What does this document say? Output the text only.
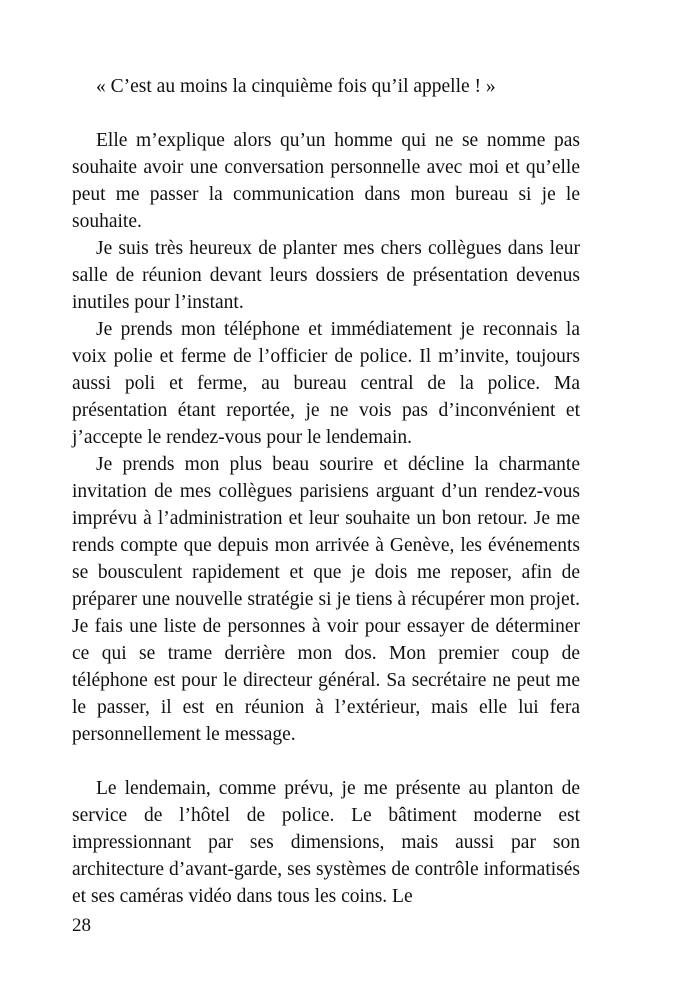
« C’est au moins la cinquième fois qu’il appelle ! »

Elle m’explique alors qu’un homme qui ne se nomme pas souhaite avoir une conversation personnelle avec moi et qu’elle peut me passer la communication dans mon bureau si je le souhaite.

Je suis très heureux de planter mes chers collègues dans leur salle de réunion devant leurs dossiers de présentation devenus inutiles pour l’instant.

Je prends mon téléphone et immédiatement je reconnais la voix polie et ferme de l’officier de police. Il m’invite, toujours aussi poli et ferme, au bureau central de la police. Ma présentation étant reportée, je ne vois pas d’inconvénient et j’accepte le rendez-vous pour le lendemain.

Je prends mon plus beau sourire et décline la charmante invitation de mes collègues parisiens arguant d’un rendez-vous imprévu à l’administration et leur souhaite un bon retour. Je me rends compte que depuis mon arrivée à Genève, les événements se bousculent rapidement et que je dois me reposer, afin de préparer une nouvelle stratégie si je tiens à récupérer mon projet. Je fais une liste de personnes à voir pour essayer de déterminer ce qui se trame derrière mon dos. Mon premier coup de téléphone est pour le directeur général. Sa secrétaire ne peut me le passer, il est en réunion à l’extérieur, mais elle lui fera personnellement le message.

Le lendemain, comme prévu, je me présente au planton de service de l’hôtel de police. Le bâtiment moderne est impressionnant par ses dimensions, mais aussi par son architecture d’avant-garde, ses systèmes de contrôle informatisés et ses caméras vidéo dans tous les coins. Le

28
